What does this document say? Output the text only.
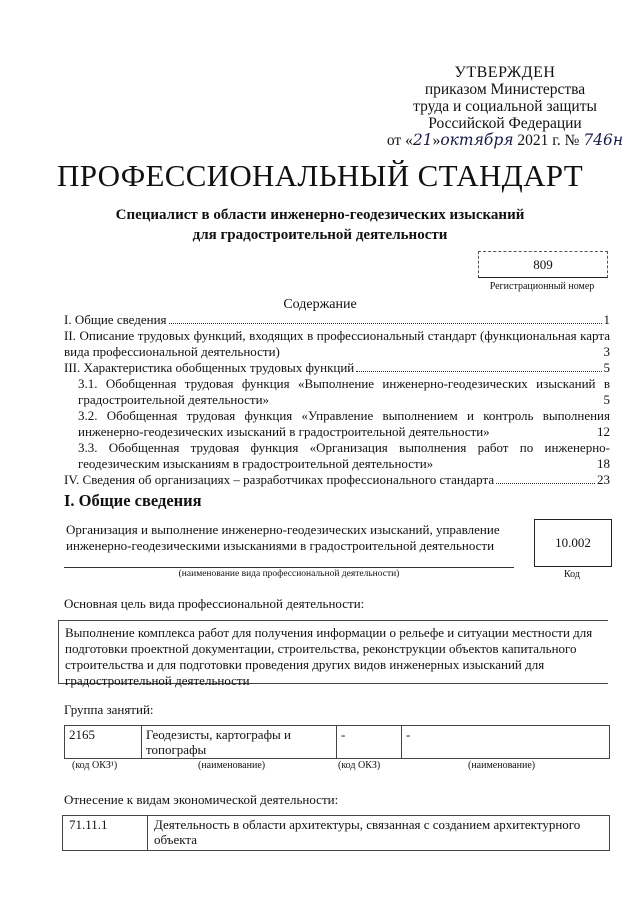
УТВЕРЖДЕН
приказом Министерства
труда и социальной защиты
Российской Федерации
от «21»октября 2021 г. № 746н
ПРОФЕССИОНАЛЬНЫЙ СТАНДАРТ
Специалист в области инженерно-геодезических изысканий
для градостроительной деятельности
809
Регистрационный номер
Содержание
I. Общие сведения	1
II. Описание трудовых функций, входящих в профессиональный стандарт (функциональная карта вида профессиональной деятельности)	3
III. Характеристика обобщенных трудовых функций	5
3.1. Обобщенная трудовая функция «Выполнение инженерно-геодезических изысканий в градостроительной деятельности»	5
3.2. Обобщенная трудовая функция «Управление выполнением и контроль выполнения инженерно-геодезических изысканий в градостроительной деятельности»	12
3.3. Обобщенная трудовая функция «Организация выполнения работ по инженерно-геодезическим изысканиям в градостроительной деятельности»	18
IV. Сведения об организациях – разработчиках профессионального стандарта	23
I. Общие сведения
Организация и выполнение инженерно-геодезических изысканий, управление инженерно-геодезическими изысканиями в градостроительной деятельности
(наименование вида профессиональной деятельности)
10.002
Код
Основная цель вида профессиональной деятельности:
Выполнение комплекса работ для получения информации о рельефе и ситуации местности для подготовки проектной документации, строительства, реконструкции объектов капитального строительства и для подготовки проведения других видов инженерных изысканий для градостроительной деятельности
Группа занятий:
2165	Геодезисты, картографы и топографы	-	-
(код ОКЗ¹)	(наименование)	(код ОКЗ)	(наименование)
Отнесение к видам экономической деятельности:
71.11.1	Деятельность в области архитектуры, связанная с созданием архитектурного объекта
